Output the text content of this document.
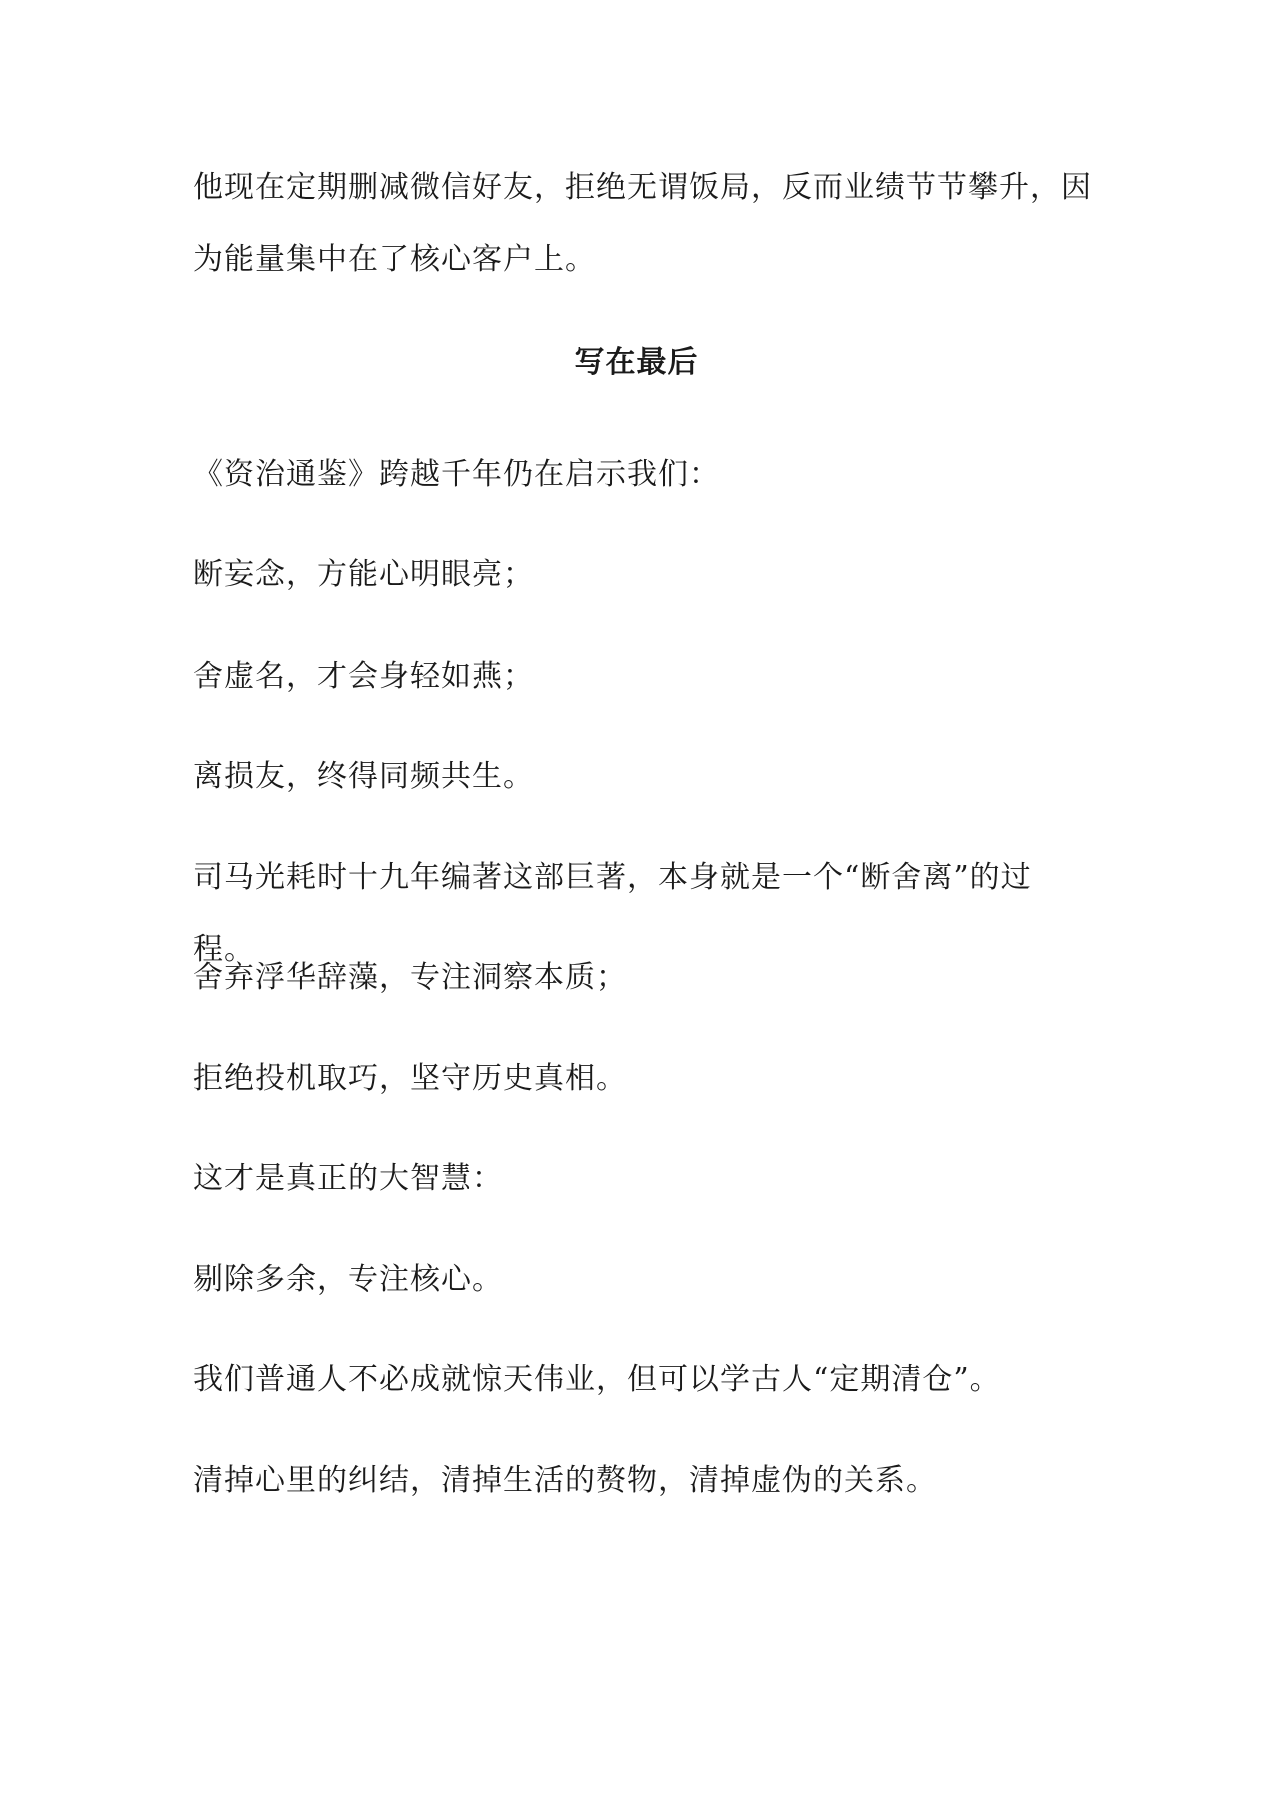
他现在定期删减微信好友，拒绝无谓饭局，反而业绩节节攀升，因为能量集中在了核心客户上。

写在最后

《资治通鉴》跨越千年仍在启示我们：

断妄念，方能心明眼亮；

舍虚名，才会身轻如燕；

离损友，终得同频共生。

司马光耗时十九年编著这部巨著，本身就是一个“断舍离”的过程。

舍弃浮华辞藻，专注洞察本质；

拒绝投机取巧，坚守历史真相。

这才是真正的大智慧：

剔除多余，专注核心。

我们普通人不必成就惊天伟业，但可以学古人“定期清仓”。

清掉心里的纠结，清掉生活的赘物，清掉虚伪的关系。
